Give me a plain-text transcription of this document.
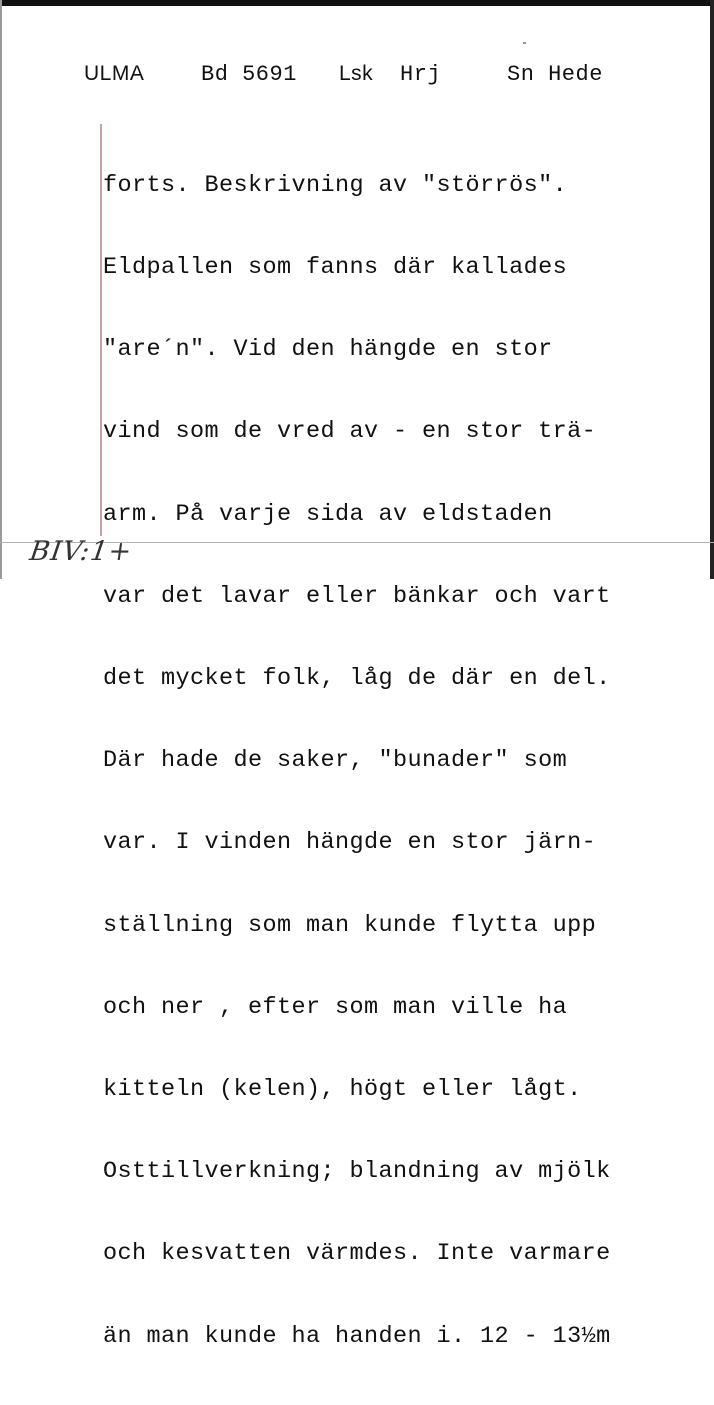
ULMA	Bd 5691 Lsk Hrj	Sn Hede

forts. Beskrivning av "störrös".

Eldpallen som fanns där kallades

"are´n". Vid den hängde en stor

vind som de vred av - en stor trä-

arm. På varje sida av eldstaden

var det lavar eller bänkar och vart

det mycket folk, låg de där en del.

Där hade de saker, "bunader" som

var. I vinden hängde en stor järn-

ställning som man kunde flytta upp

och ner , efter som man ville ha

kitteln (kelen), högt eller lågt.

Osttillverkning; blandning av mjölk

och kesvatten värmdes. Inte varmare

än man kunde ha handen i. 12 - 13½m

BIV:1+
